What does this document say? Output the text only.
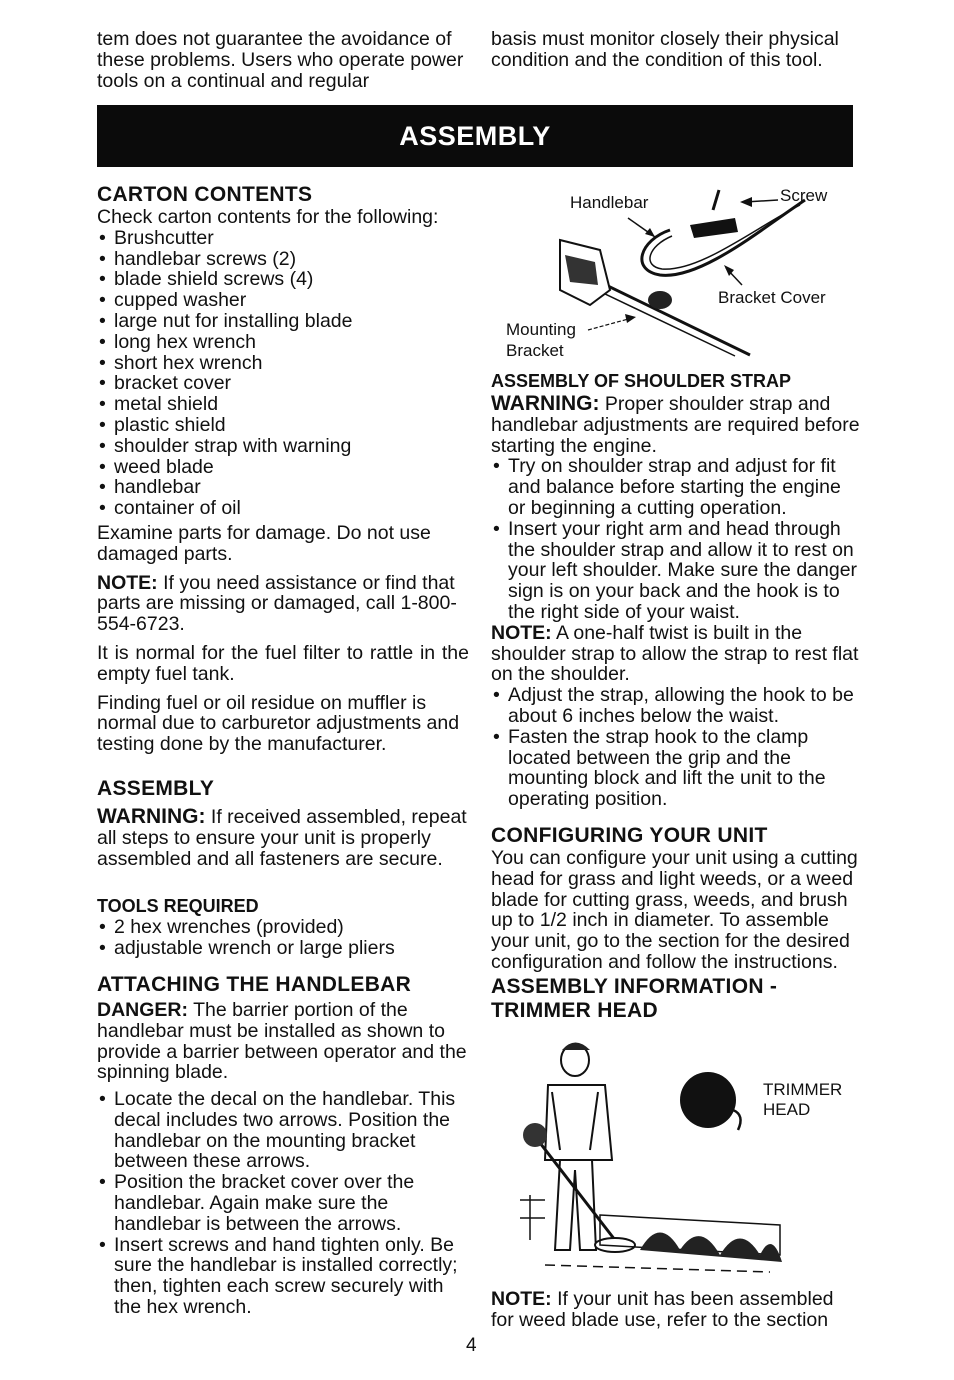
tem does not guarantee the avoidance of these problems. Users who operate power tools on a continual and regular

basis must monitor closely their physical condition and the condition of this tool.

ASSEMBLY
CARTON CONTENTS

Check carton contents for the following:

• Brushcutter
• handlebar screws (2)
• blade shield screws (4)
• cupped washer
• large nut for installing blade
• long hex wrench
• short hex wrench
• bracket cover
• metal shield
• plastic shield
• shoulder strap with warning
• weed blade
• handlebar
• container of oil

Examine parts for damage. Do not use damaged parts.

NOTE: If you need assistance or find that parts are missing or damaged, call 1-800-554-6723.

It is normal for the fuel filter to rattle in the empty fuel tank.

Finding fuel or oil residue on muffler is normal due to carburetor adjustments and testing done by the manufacturer.

ASSEMBLY

WARNING: If received assembled, repeat all steps to ensure your unit is properly assembled and all fasteners are secure.

TOOLS REQUIRED
• 2 hex wrenches (provided)
• adjustable wrench or large pliers
ATTACHING THE HANDLEBAR

DANGER: The barrier portion of the handlebar must be installed as shown to provide a barrier between operator and the spinning blade.

• Locate the decal on the handlebar. This decal includes two arrows. Position the handlebar on the mounting bracket between these arrows.
• Position the bracket cover over the handlebar. Again make sure the handlebar is between the arrows.
• Insert screws and hand tighten only. Be sure the handlebar is installed correctly; then, tighten each screw securely with the hex wrench.
Handlebar	Screw
Bracket Cover
Mounting
Bracket
ASSEMBLY OF SHOULDER STRAP

WARNING: Proper shoulder strap and handlebar adjustments are required before starting the engine.

• Try on shoulder strap and adjust for fit and balance before starting the engine or beginning a cutting operation.
• Insert your right arm and head through the shoulder strap and allow it to rest on your left shoulder. Make sure the danger sign is on your back and the hook is to the right side of your waist.

NOTE: A one-half twist is built in the shoulder strap to allow the strap to rest flat on the shoulder.

• Adjust the strap, allowing the hook to be about 6 inches below the waist.
• Fasten the strap hook to the clamp located between the grip and the mounting block and lift the unit to the operating position.
CONFIGURING YOUR UNIT

You can configure your unit using a cutting head for grass and light weeds, or a weed blade for cutting grass, weeds, and brush up to 1/2 inch in diameter. To assemble your unit, go to the section for the desired configuration and follow the instructions.

ASSEMBLY INFORMATION -
TRIMMER HEAD
TRIMMER
HEAD

NOTE: If your unit has been assembled for weed blade use, refer to the section

4
